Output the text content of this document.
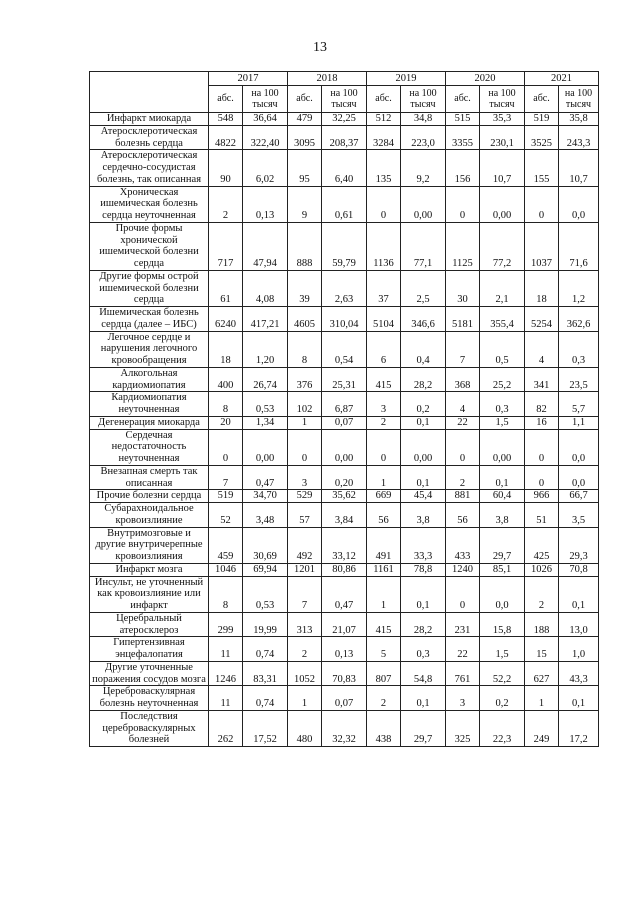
13
	2017		2018		2019		2020		2021	
	абс.	на 100 тысяч	абс.	на 100 тысяч	абс.	на 100 тысяч	абс.	на 100 тысяч	абс.	на 100 тысяч
Инфаркт миокарда	548	36,64	479	32,25	512	34,8	515	35,3	519	35,8
Атеросклеротическая болезнь сердца	4822	322,40	3095	208,37	3284	223,0	3355	230,1	3525	243,3
Атеросклеротическая сердечно-сосудистая болезнь, так описанная	90	6,02	95	6,40	135	9,2	156	10,7	155	10,7
Хроническая ишемическая болезнь сердца неуточненная	2	0,13	9	0,61	0	0,00	0	0,00	0	0,0
Прочие формы хронической ишемической болезни сердца	717	47,94	888	59,79	1136	77,1	1125	77,2	1037	71,6
Другие формы острой ишемической болезни сердца	61	4,08	39	2,63	37	2,5	30	2,1	18	1,2
Ишемическая болезнь сердца (далее – ИБС)	6240	417,21	4605	310,04	5104	346,6	5181	355,4	5254	362,6
Легочное сердце и нарушения легочного кровообращения	18	1,20	8	0,54	6	0,4	7	0,5	4	0,3
Алкогольная кардиомиопатия	400	26,74	376	25,31	415	28,2	368	25,2	341	23,5
Кардиомиопатия неуточненная	8	0,53	102	6,87	3	0,2	4	0,3	82	5,7
Дегенерация миокарда	20	1,34	1	0,07	2	0,1	22	1,5	16	1,1
Сердечная недостаточность неуточненная	0	0,00	0	0,00	0	0,00	0	0,00	0	0,0
Внезапная смерть так описанная	7	0,47	3	0,20	1	0,1	2	0,1	0	0,0
Прочие болезни сердца	519	34,70	529	35,62	669	45,4	881	60,4	966	66,7
Субарахноидальное кровоизлияние	52	3,48	57	3,84	56	3,8	56	3,8	51	3,5
Внутримозговые и другие внутричерепные кровоизлияния	459	30,69	492	33,12	491	33,3	433	29,7	425	29,3
Инфаркт мозга	1046	69,94	1201	80,86	1161	78,8	1240	85,1	1026	70,8
Инсульт, не уточненный как кровоизлияние или инфаркт	8	0,53	7	0,47	1	0,1	0	0,0	2	0,1
Церебральный атеросклероз	299	19,99	313	21,07	415	28,2	231	15,8	188	13,0
Гипертензивная энцефалопатия	11	0,74	2	0,13	5	0,3	22	1,5	15	1,0
Другие уточненные поражения сосудов мозга	1246	83,31	1052	70,83	807	54,8	761	52,2	627	43,3
Цереброваскулярная болезнь неуточненная	11	0,74	1	0,07	2	0,1	3	0,2	1	0,1
Последствия цереброваскулярных болезней	262	17,52	480	32,32	438	29,7	325	22,3	249	17,2
